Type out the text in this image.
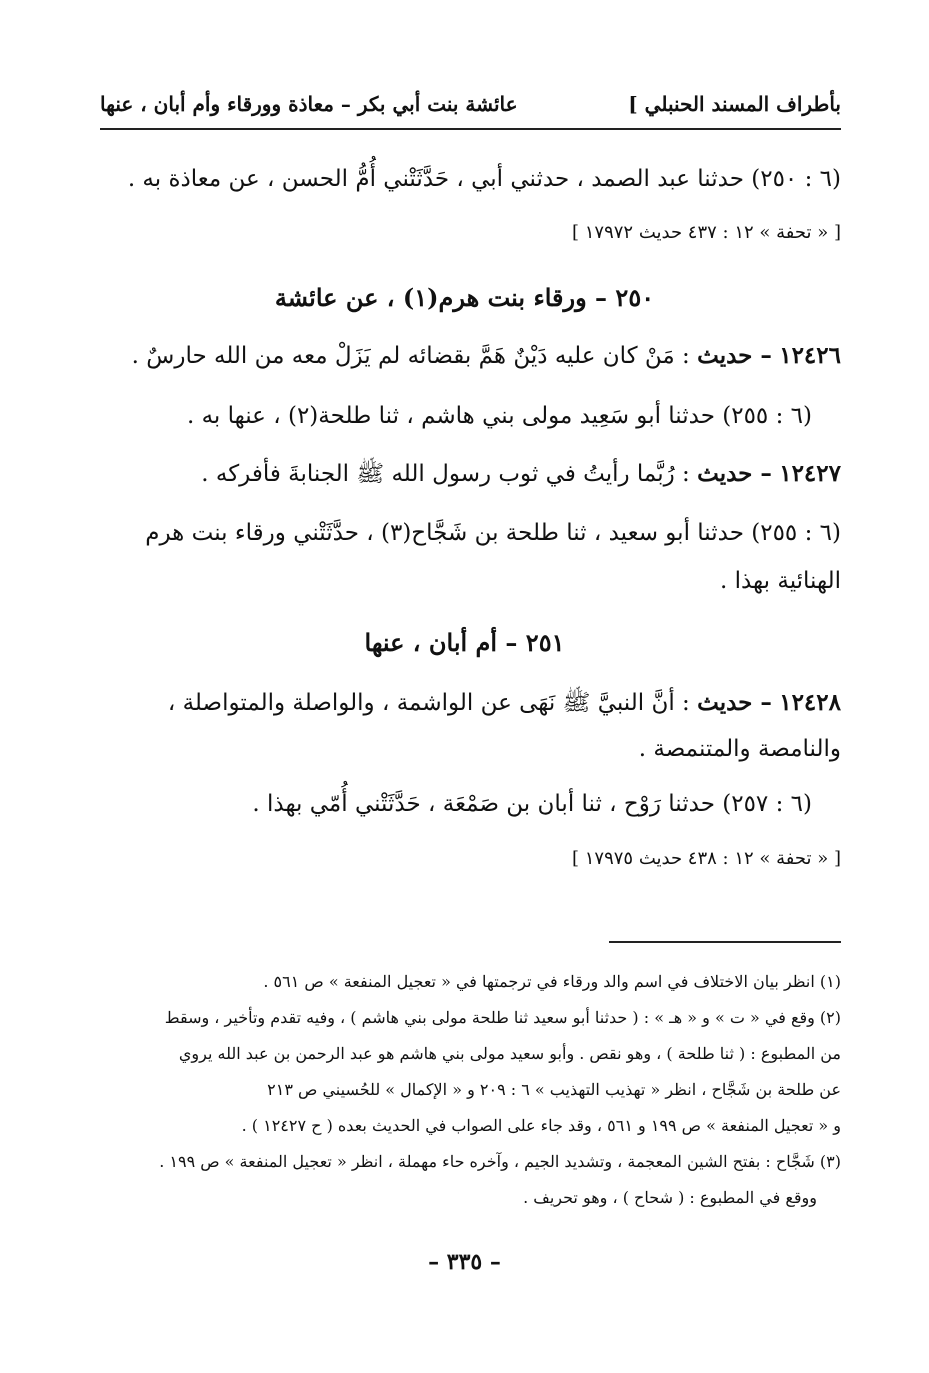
بأطراف المسند الحنبلي ]
عائشة بنت أبي بكر – معاذة وورقاء وأم أبان ، عنها
(٦ : ٢٥٠) حدثنا عبد الصمد ، حدثني أبي ، حَدَّثَتْني أُمُّ الحسن ، عن معاذة به .
[ « تحفة » ١٢ : ٤٣٧ حديث ١٧٩٧٢ ]
٢٥٠ – ورقاء بنت هرم(١) ، عن عائشة
١٢٤٢٦ – حديث : مَنْ كان عليه دَيْنٌ هَمَّ بقضائه لم يَزَلْ معه من الله حارسٌ .
(٦ : ٢٥٥) حدثنا أبو سَعِيد مولى بني هاشم ، ثنا طلحة(٢) ، عنها به .
١٢٤٢٧ – حديث : رُبَّما رأيتُ في ثوب رسول الله ﷺ الجنابةَ فأفركه .
(٦ : ٢٥٥) حدثنا أبو سعيد ، ثنا طلحة بن شَجَّاح(٣) ، حدَّثَتْني ورقاء بنت هرم
الهنائية بهذا .
٢٥١ – أم أبان ، عنها
١٢٤٢٨ – حديث : أنَّ النبيَّ ﷺ نَهَى عن الواشمة ، والواصلة والمتواصلة ،
والنامصة والمتنمصة .
(٦ : ٢٥٧) حدثنا رَوْح ، ثنا أبان بن صَمْعَة ، حَدَّثَتْني أُمّي بهذا .
[ « تحفة » ١٢ : ٤٣٨ حديث ١٧٩٧٥ ]
(١) انظر بيان الاختلاف في اسم والد ورقاء في ترجمتها في « تعجيل المنفعة » ص ٥٦١ .
(٢) وقع في « ت » و « هـ » : ( حدثنا أبو سعيد ثنا طلحة مولى بني هاشم ) ، وفيه تقدم وتأخير ، وسقط
من المطبوع : ( ثنا طلحة ) ، وهو نقص . وأبو سعيد مولى بني هاشم هو عبد الرحمن بن عبد الله يروي
عن طلحة بن شَجَّاح ، انظر « تهذيب التهذيب » ٦ : ٢٠٩ و « الإكمال » للحُسيني ص ٢١٣
و « تعجيل المنفعة » ص ١٩٩ و ٥٦١ ، وقد جاء على الصواب في الحديث بعده ( ح ١٢٤٢٧ ) .
(٣) شَجَّاح : بفتح الشين المعجمة ، وتشديد الجيم ، وآخره حاء مهملة ، انظر « تعجيل المنفعة » ص ١٩٩ .
ووقع في المطبوع : ( شحاح ) ، وهو تحريف .
– ٣٣٥ –
